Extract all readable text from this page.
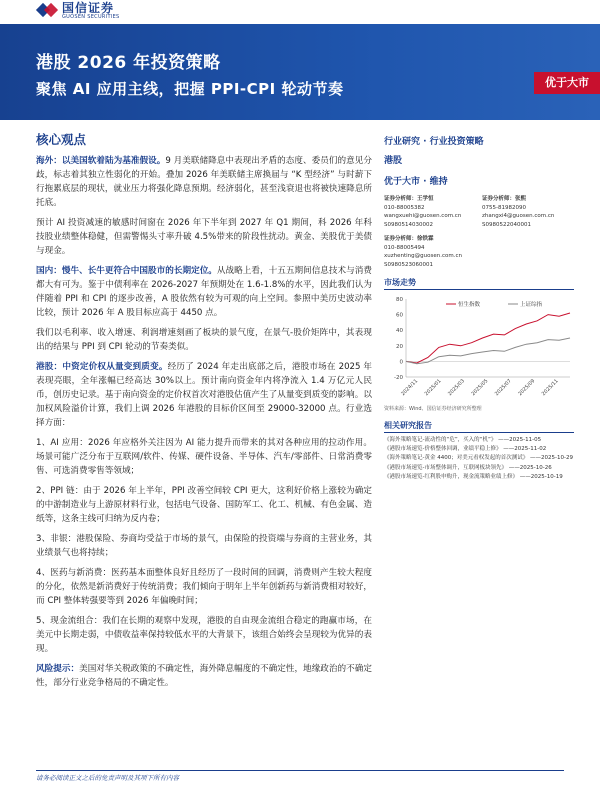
国信证券
GUOSEN SECURITIES
港股 2026 年投资策略
聚焦 AI 应用主线，把握 PPI-CPI 轮动节奏	优于大市
核心观点

海外：以美国软着陆为基准假设。9 月美联储降息中表现出矛盾的态度、委员们的意见分歧，标志着其独立性弱化的开始。叠加 2026 年美联储主席换届与 “K 型经济” 与时薪下行拖累底层的现状，就业压力将强化降息预期。经济弱化，甚至浅衰退也将被快速降息所托底。

预计 AI 投资减速的敏感时间窗在 2026 年下半年到 2027 年 Q1 期间，科 2026 年科技股业绩整体稳健，但需警惕头寸率升破 4.5%带来的阶段性扰动。黄金、美股优于美债与现金。

国内：慢牛、长牛更符合中国股市的长期定位。从战略上看，十五五期间信息技术与消费都大有可为。鉴于中债利率在 2026-2027 年预期处在 1.6-1.8%的水平，因此我们认为伴随着 PPI 和 CPI 的逐步改善，A 股依然有较为可观的向上空间。参照中美历史波动率比较，预计 2026 年 A 股目标应高于 4450 点。

我们以毛利率、收入增速、利润增速刻画了板块的景气度，在景气-股价矩阵中，其表现出的结果与 PPI 到 CPI 轮动的节奏类似。

港股：中资定价权从量变到质变。经历了 2024 年走出底部之后，港股市场在 2025 年表现亮眼，全年涨幅已经高达 30%以上。预计南向资金年内将净流入 1.4 万亿元人民币，创历史记录。基于南向资金的定价权首次对港股估值产生了从量变到质变的影响。以加权风险溢价计算，我们上调 2026 年港股的目标价区间至 29000-32000 点。行业选择方面：

1、AI 应用：2026 年应格外关注因为 AI 能力提升而带来的其对各种应用的拉动作用。场景可能广泛分布于互联网/软件、传媒、硬件设备、半导体、汽车/零部件、日常消费零售、可选消费零售等领域；

2、PPI 链：由于 2026 年上半年，PPI 改善空间较 CPI 更大，这利好价格上涨较为确定的中游制造业与上游原材料行业，包括电气设备、国防军工、化工、机械、有色金属、造纸等，这条主线可归纳为反内卷；

3、非银：港股保险、券商均受益于市场的景气，由保险的投资端与券商的主营业务，其业绩景气也将持续；

4、医药与新消费：医药基本面整体良好且经历了一段时间的回调，消费则产生较大程度的分化，依然是新消费好于传统消费；我们倾向于明年上半年创新药与新消费相对较好，而 CPI 整体转强要等到 2026 年偏晚时间；

5、现金流组合：我们在长期的观察中发现，港股的自由现金流组合稳定的跑赢市场，在美元中长期走弱，中债收益率保持较低水平的大背景下，该组合始终会呈现较为优异的表现。

风险提示：美国对华关税政策的不确定性，海外降息幅度的不确定性，地缘政治的不确定性，部分行业竞争格局的不确定性。

行业研究 · 行业投资策略
港股
优于大市 · 维持
证券分析师：王学恒
010-88005382
wangxuehi@guosen.com.cn
S0980514030002
证券分析师：张熙
0755-81982090
zhangxi4@guosen.com.cn
S0980522040001
证券分析师：徐铁霖
010-88005494
xuzhenting@guosen.com.cn
S0980523060001
市场走势
80
60
40
20
0
-20
2024/11 2025/01 2025/03 2025/05 2025/07 2025/09 2025/11
恒生指数	上证综指
资料来源：Wind、国信证券经济研究所整理
相关研究报告
《海外策略笔记-流动性的“危”，买入的“机”》 ——2025-11-05
《港股市场速览-价格整体回调，业绩平稳上修》 ——2025-11-02
《海外策略笔记-黄金 4400；对美元看权发起的首次测试》 ——2025-10-29
《港股市场速览-市场整体调升，互联网板块领先》 ——2025-10-26
《港股市场速览-红利股申购升，现金流策略业绩上修》 ——2025-10-19
请务必阅读正文之后的免责声明及其项下所有内容
